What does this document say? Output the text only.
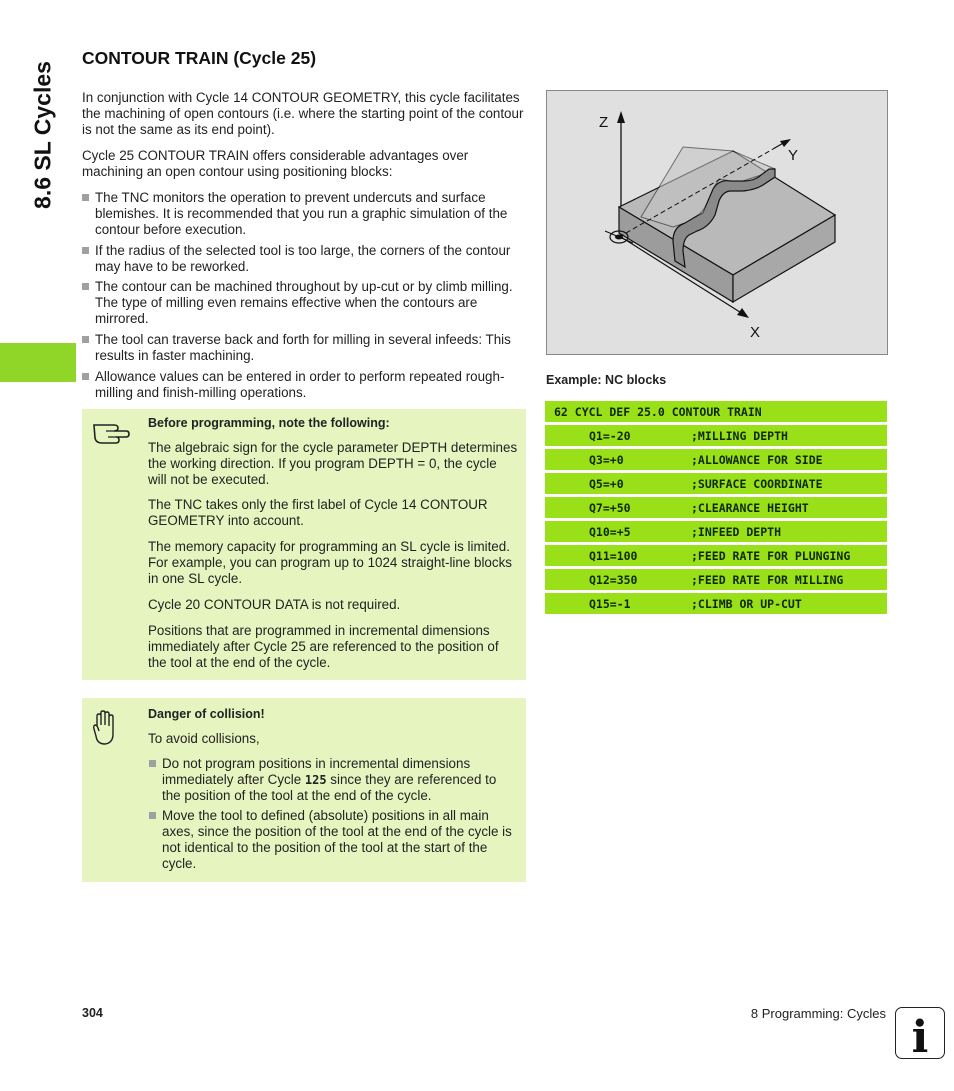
8.6 SL Cycles
CONTOUR TRAIN (Cycle 25)

In conjunction with Cycle 14 CONTOUR GEOMETRY, this cycle facilitates the machining of open contours (i.e. where the starting point of the contour is not the same as its end point).

Cycle 25 CONTOUR TRAIN offers considerable advantages over machining an open contour using positioning blocks:

The TNC monitors the operation to prevent undercuts and surface blemishes. It is recommended that you run a graphic simulation of the contour before execution.
If the radius of the selected tool is too large, the corners of the contour may have to be reworked.
The contour can be machined throughout by up-cut or by climb milling. The type of milling even remains effective when the contours are mirrored.
The tool can traverse back and forth for milling in several infeeds: This results in faster machining.
Allowance values can be entered in order to perform repeated rough-milling and finish-milling operations.
Before programming, note the following:

The algebraic sign for the cycle parameter DEPTH determines the working direction. If you program DEPTH = 0, the cycle will not be executed.

The TNC takes only the first label of Cycle 14 CONTOUR GEOMETRY into account.

The memory capacity for programming an SL cycle is limited. For example, you can program up to 1024 straight-line blocks in one SL cycle.

Cycle 20 CONTOUR DATA is not required.

Positions that are programmed in incremental dimensions immediately after Cycle 25 are referenced to the position of the tool at the end of the cycle.

Danger of collision!

To avoid collisions,

Do not program positions in incremental dimensions immediately after Cycle 125 since they are referenced to the position of the tool at the end of the cycle.
Move the tool to defined (absolute) positions in all main axes, since the position of the tool at the end of the cycle is not identical to the position of the tool at the start of the cycle.
Z
Y
X
Example: NC blocks
62 CYCL DEF 25.0 CONTOUR TRAIN
Q1=-20	;MILLING DEPTH
Q3=+0	;ALLOWANCE FOR SIDE
Q5=+0	;SURFACE COORDINATE
Q7=+50	;CLEARANCE HEIGHT
Q10=+5	;INFEED DEPTH
Q11=100	;FEED RATE FOR PLUNGING
Q12=350	;FEED RATE FOR MILLING
Q15=-1	;CLIMB OR UP-CUT
304	8 Programming: Cycles i
